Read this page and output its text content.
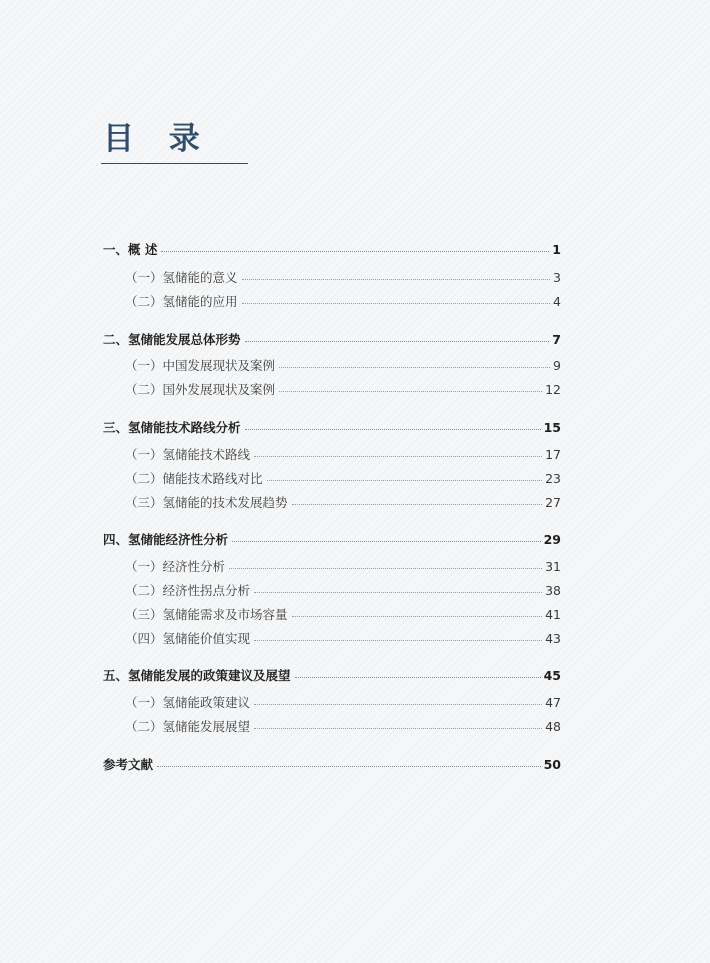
目 录
一、概 述	1
（一）氢储能的意义	3
（二）氢储能的应用	4
二、氢储能发展总体形势	7
（一）中国发展现状及案例	9
（二）国外发展现状及案例	12
三、氢储能技术路线分析	15
（一）氢储能技术路线	17
（二）储能技术路线对比	23
（三）氢储能的技术发展趋势	27
四、氢储能经济性分析	29
（一）经济性分析	31
（二）经济性拐点分析	38
（三）氢储能需求及市场容量	41
（四）氢储能价值实现	43
五、氢储能发展的政策建议及展望	45
（一）氢储能政策建议	47
（二）氢储能发展展望	48
参考文献	50
